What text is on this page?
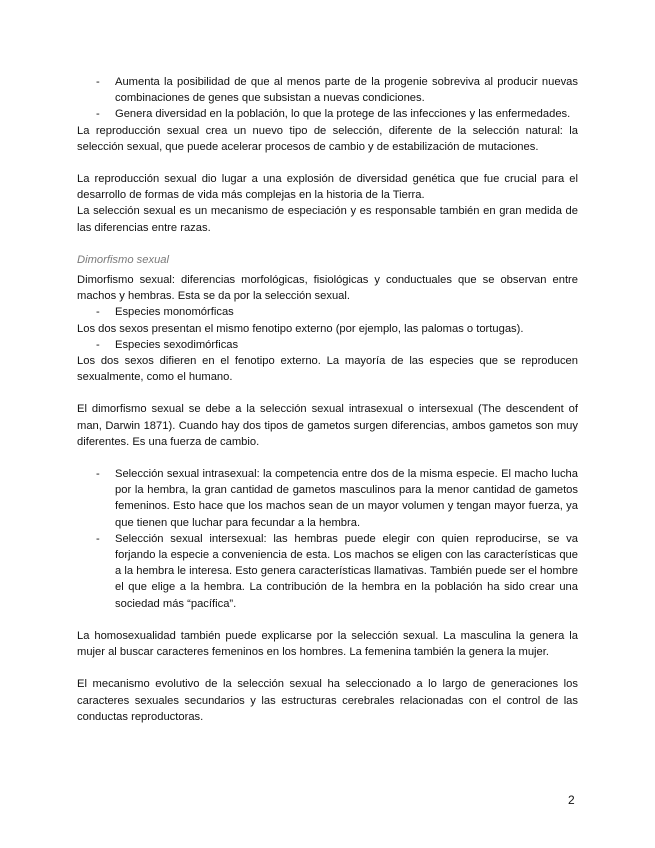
- Aumenta la posibilidad de que al menos parte de la progenie sobreviva al producir nuevas combinaciones de genes que subsistan a nuevas condiciones.
- Genera diversidad en la población, lo que la protege de las infecciones y las enfermedades.

La reproducción sexual crea un nuevo tipo de selección, diferente de la selección natural: la selección sexual, que puede acelerar procesos de cambio y de estabilización de mutaciones.

La reproducción sexual dio lugar a una explosión de diversidad genética que fue crucial para el desarrollo de formas de vida más complejas en la historia de la Tierra.

La selección sexual es un mecanismo de especiación y es responsable también en gran medida de las diferencias entre razas.

Dimorfismo sexual

Dimorfismo sexual: diferencias morfológicas, fisiológicas y conductuales que se observan entre machos y hembras. Esta se da por la selección sexual.

- Especies monomórficas

Los dos sexos presentan el mismo fenotipo externo (por ejemplo, las palomas o tortugas).

- Especies sexodimórficas

Los dos sexos difieren en el fenotipo externo. La mayoría de las especies que se reproducen sexualmente, como el humano.

El dimorfismo sexual se debe a la selección sexual intrasexual o intersexual (The descendent of man, Darwin 1871). Cuando hay dos tipos de gametos surgen diferencias, ambos gametos son muy diferentes. Es una fuerza de cambio.

- Selección sexual intrasexual: la competencia entre dos de la misma especie. El macho lucha por la hembra, la gran cantidad de gametos masculinos para la menor cantidad de gametos femeninos. Esto hace que los machos sean de un mayor volumen y tengan mayor fuerza, ya que tienen que luchar para fecundar a la hembra.
- Selección sexual intersexual: las hembras puede elegir con quien reproducirse, se va forjando la especie a conveniencia de esta. Los machos se eligen con las características que a la hembra le interesa. Esto genera características llamativas. También puede ser el hombre el que elige a la hembra. La contribución de la hembra en la población ha sido crear una sociedad más “pacífica”.

La homosexualidad también puede explicarse por la selección sexual. La masculina la genera la mujer al buscar caracteres femeninos en los hombres. La femenina también la genera la mujer.

El mecanismo evolutivo de la selección sexual ha seleccionado a lo largo de generaciones los caracteres sexuales secundarios y las estructuras cerebrales relacionadas con el control de las conductas reproductoras.

2
